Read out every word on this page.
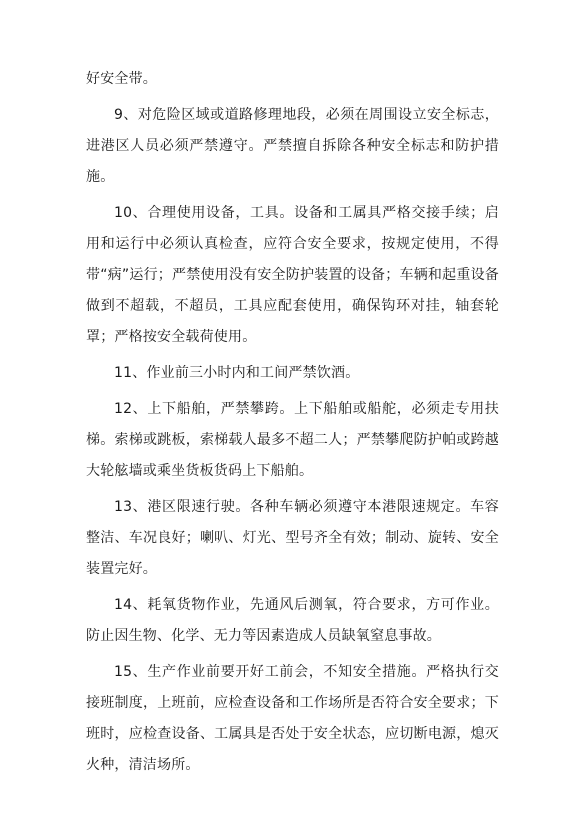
好安全带。

9、对危险区域或道路修理地段，必须在周围设立安全标志，进港区人员必须严禁遵守。严禁擅自拆除各种安全标志和防护措施。

10、合理使用设备，工具。设备和工属具严格交接手续；启用和运行中必须认真检查，应符合安全要求，按规定使用，不得带“病”运行；严禁使用没有安全防护装置的设备；车辆和起重设备做到不超载，不超员，工具应配套使用，确保钩环对挂，轴套轮罩；严格按安全载荷使用。

11、作业前三小时内和工间严禁饮酒。

12、上下船舶，严禁攀跨。上下船舶或船舵，必须走专用扶梯。索梯或跳板，索梯载人最多不超二人；严禁攀爬防护帕或跨越大轮舷墙或乘坐货板货码上下船舶。

13、港区限速行驶。各种车辆必须遵守本港限速规定。车容整洁、车况良好；喇叭、灯光、型号齐全有效；制动、旋转、安全装置完好。

14、耗氧货物作业，先通风后测氧，符合要求，方可作业。防止因生物、化学、无力等因素造成人员缺氧窒息事故。

15、生产作业前要开好工前会，不知安全措施。严格执行交接班制度，上班前，应检查设备和工作场所是否符合安全要求；下班时，应检查设备、工属具是否处于安全状态，应切断电源，熄灭火种，清洁场所。
